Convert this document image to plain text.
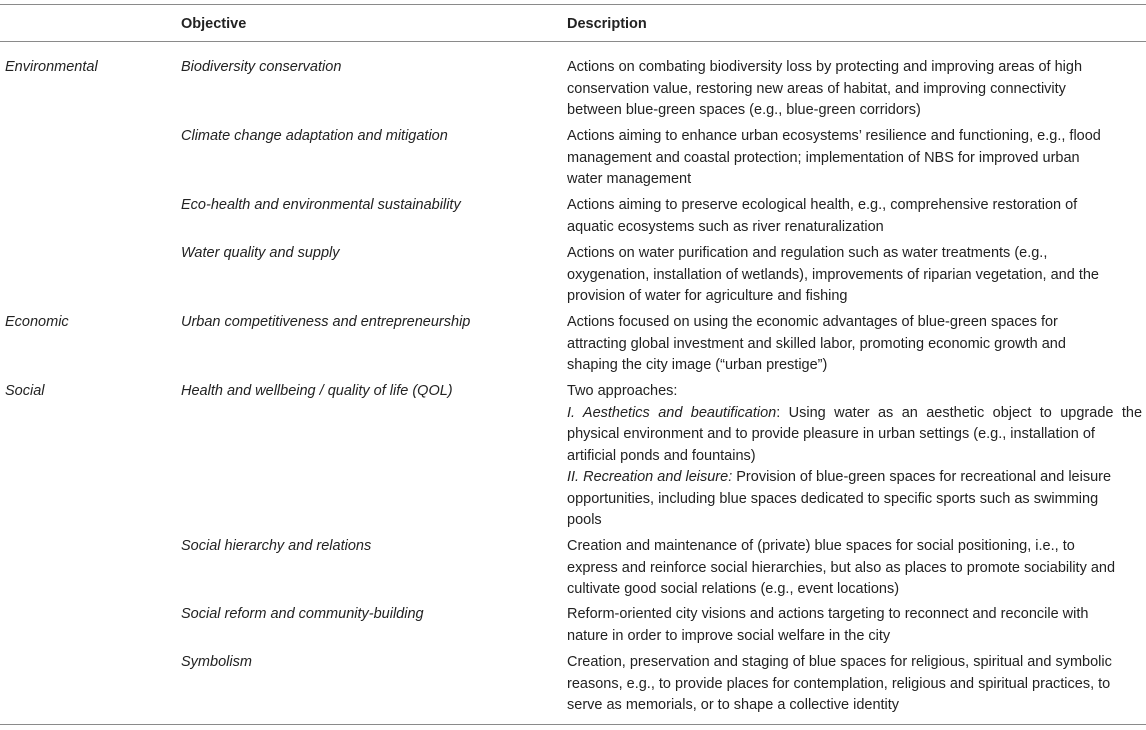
Objective	Description
Environmental	Biodiversity conservation	Actions on combating biodiversity loss by protecting and improving areas of high
conservation value, restoring new areas of habitat, and improving connectivity
between blue-green spaces (e.g., blue-green corridors)
Climate change adaptation and mitigation	Actions aiming to enhance urban ecosystems’ resilience and functioning, e.g., flood
management and coastal protection; implementation of NBS for improved urban
water management
Eco-health and environmental sustainability	Actions aiming to preserve ecological health, e.g., comprehensive restoration of
aquatic ecosystems such as river renaturalization
Water quality and supply	Actions on water purification and regulation such as water treatments (e.g.,
oxygenation, installation of wetlands), improvements of riparian vegetation, and the
provision of water for agriculture and fishing
Economic	Urban competitiveness and entrepreneurship	Actions focused on using the economic advantages of blue-green spaces for
attracting global investment and skilled labor, promoting economic growth and
shaping the city image (“urban prestige”)
Social	Health and wellbeing / quality of life (QOL)	Two approaches:
I. Aesthetics and beautification: Using water as an aesthetic object to upgrade the
physical environment and to provide pleasure in urban settings (e.g., installation of
artificial ponds and fountains)
II. Recreation and leisure: Provision of blue-green spaces for recreational and leisure
opportunities, including blue spaces dedicated to specific sports such as swimming
pools
Social hierarchy and relations	Creation and maintenance of (private) blue spaces for social positioning, i.e., to
express and reinforce social hierarchies, but also as places to promote sociability and
cultivate good social relations (e.g., event locations)
Social reform and community-building	Reform-oriented city visions and actions targeting to reconnect and reconcile with
nature in order to improve social welfare in the city
Symbolism	Creation, preservation and staging of blue spaces for religious, spiritual and symbolic
reasons, e.g., to provide places for contemplation, religious and spiritual practices, to
serve as memorials, or to shape a collective identity
